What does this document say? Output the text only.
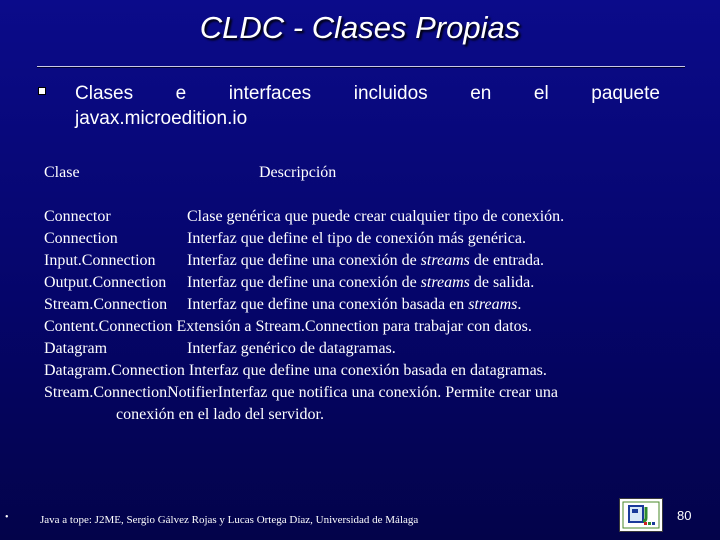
CLDC - Clases Propias
Clases e interfaces incluidos en el paquete
javax.microedition.io
Clase	Descripción
Connector	Clase genérica que puede crear cualquier tipo de conexión.
Connection	Interfaz que define el tipo de conexión más genérica.
Input.Connection	Interfaz que define una conexión de streams de entrada.
Output.Connection	Interfaz que define una conexión de streams de salida.
Stream.Connection	Interfaz que define una conexión basada en streams.
Content.Connection Extensión a Stream.Connection para trabajar con datos.
Datagram	Interfaz genérico de datagramas.
Datagram.Connection Interfaz que define una conexión basada en datagramas.
Stream.ConnectionNotifier Interfaz que notifica una conexión. Permite crear una
conexión en el lado del servidor.
•	Java a tope: J2ME, Sergio Gálvez Rojas y Lucas Ortega Díaz, Universidad de Málaga	80
